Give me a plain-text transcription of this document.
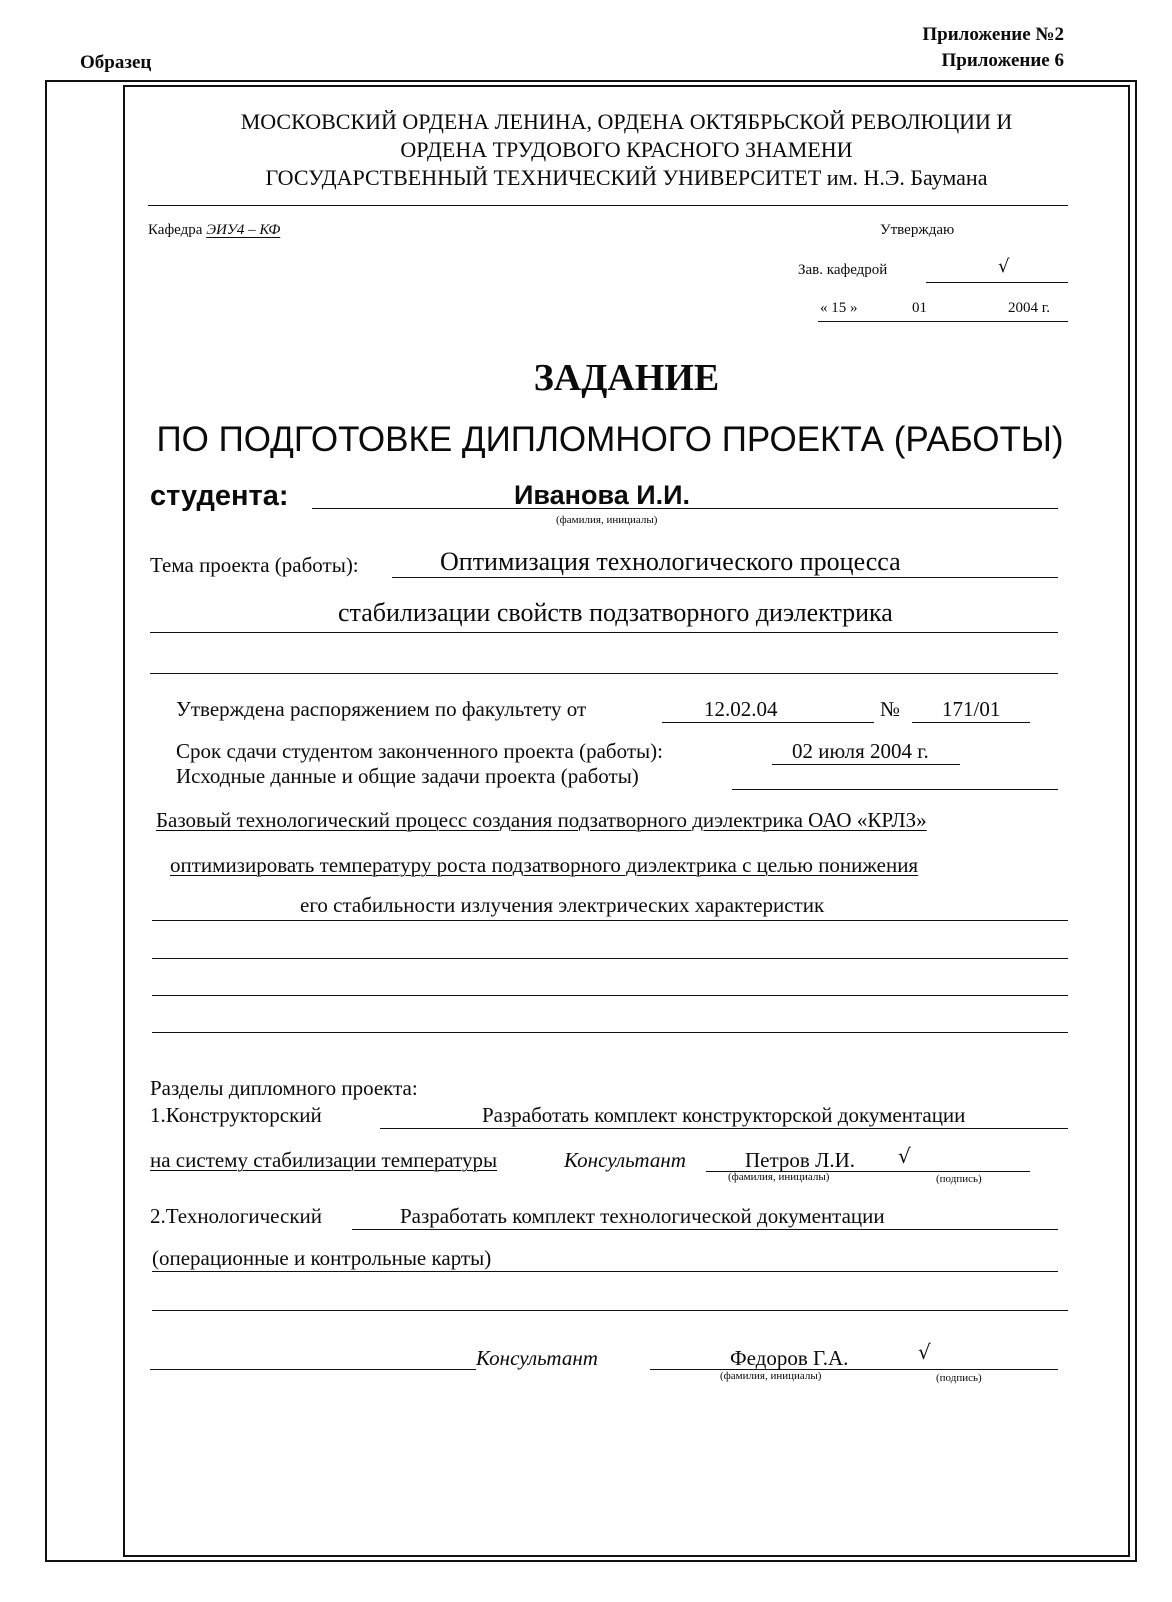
Образец
Приложение №2
Приложение 6
МОСКОВСКИЙ ОРДЕНА ЛЕНИНА, ОРДЕНА ОКТЯБРЬСКОЙ РЕВОЛЮЦИИ И
ОРДЕНА ТРУДОВОГО КРАСНОГО ЗНАМЕНИ
ГОСУДАРСТВЕННЫЙ ТЕХНИЧЕСКИЙ УНИВЕРСИТЕТ им. Н.Э. Баумана
Кафедра ЭИУ4 – КФ	Утверждаю
Зав. кафедрой	√
« 15 »	01	2004 г.
ЗАДАНИЕ
ПО ПОДГОТОВКЕ ДИПЛОМНОГО ПРОЕКТА (РАБОТЫ)
студента:	Иванова И.И.
(фамилия, инициалы)
Тема проекта (работы):	Оптимизация технологического процесса
стабилизации свойств подзатворного диэлектрика
Утверждена распоряжением по факультету от	12.02.04	№ 171/01
Срок сдачи студентом законченного проекта (работы):	02 июля 2004 г.
Исходные данные и общие задачи проекта (работы)
Базовый технологический процесс создания подзатворного диэлектрика ОАО «КРЛЗ»
оптимизировать температуру роста подзатворного диэлектрика с целью понижения
его стабильности излучения электрических характеристик
Разделы дипломного проекта:
1.Конструкторский	Разработать комплект конструкторской документации
на систему стабилизации температуры	Консультант	Петров Л.И. √
(фамилия, инициалы)	(подпись)
2.Технологический	Разработать комплект технологической документации
(операционные и контрольные карты)
Консультант	Федоров Г.А.	√
(фамилия, инициалы)	(подпись)
